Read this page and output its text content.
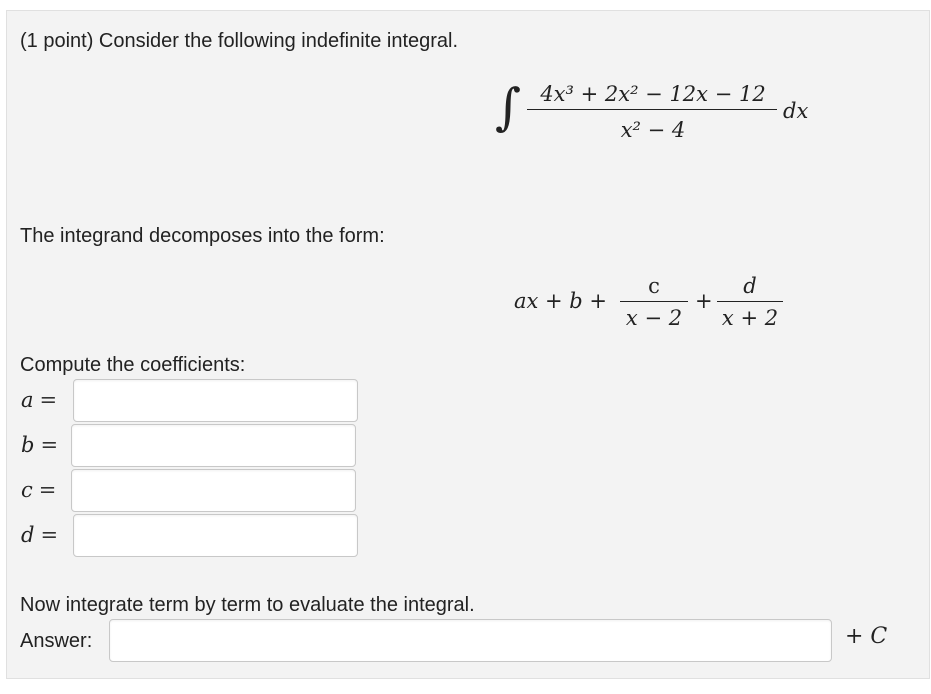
(1 point) Consider the following indefinite integral.
∫ 4x³ + 2x² − 12x − 12
x² − 4
dx
The integrand decomposes into the form:
ax + b +
c
x − 2
+
d
x + 2
Compute the coefficients:
a =
b =
c =
d =
Now integrate term by term to evaluate the integral.
Answer:	+ C
